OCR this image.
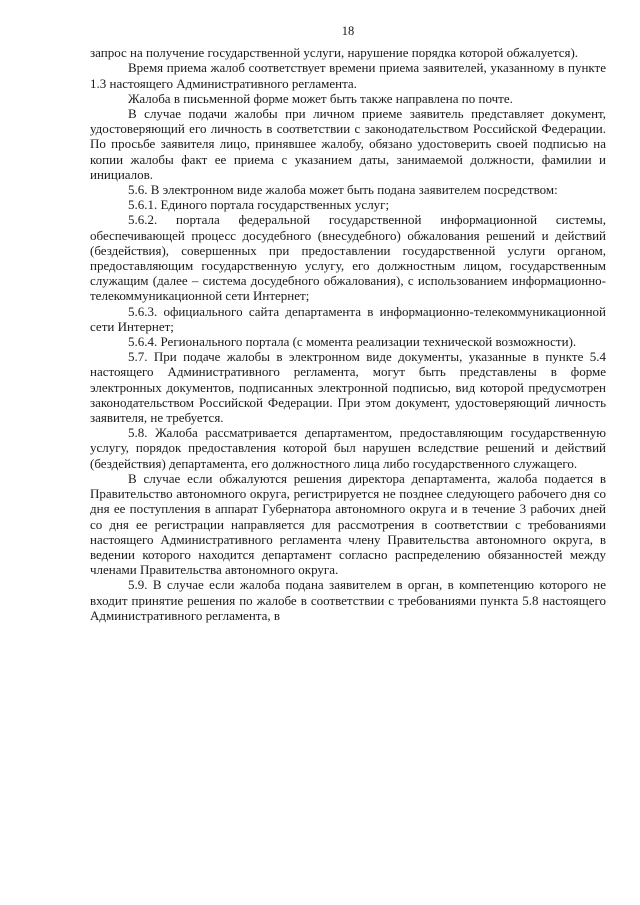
18

запрос на получение государственной услуги, нарушение порядка которой обжалуется).

Время приема жалоб соответствует времени приема заявителей, указанному в пункте 1.3 настоящего Административного регламента.

Жалоба в письменной форме может быть также направлена по почте.

В случае подачи жалобы при личном приеме заявитель представляет документ, удостоверяющий его личность в соответствии с законодательством Российской Федерации. По просьбе заявителя лицо, принявшее жалобу, обязано удостоверить своей подписью на копии жалобы факт ее приема с указанием даты, занимаемой должности, фамилии и инициалов.

5.6. В электронном виде жалоба может быть подана заявителем посредством:

5.6.1. Единого портала государственных услуг;

5.6.2. портала федеральной государственной информационной системы, обеспечивающей процесс досудебного (внесудебного) обжалования решений и действий (бездействия), совершенных при предоставлении государственной услуги органом, предоставляющим государственную услугу, его должностным лицом, государственным служащим (далее – система досудебного обжалования), с использованием информационно-телекоммуникационной сети Интернет;

5.6.3. официального сайта департамента в информационно-телекоммуникационной сети Интернет;

5.6.4. Регионального портала (с момента реализации технической возможности).

5.7. При подаче жалобы в электронном виде документы, указанные в пункте 5.4 настоящего Административного регламента, могут быть представлены в форме электронных документов, подписанных электронной подписью, вид которой предусмотрен законодательством Российской Федерации. При этом документ, удостоверяющий личность заявителя, не требуется.

5.8. Жалоба рассматривается департаментом, предоставляющим государственную услугу, порядок предоставления которой был нарушен вследствие решений и действий (бездействия) департамента, его должностного лица либо государственного служащего.

В случае если обжалуются решения директора департамента, жалоба подается в Правительство автономного округа, регистрируется не позднее следующего рабочего дня со дня ее поступления в аппарат Губернатора автономного округа и в течение 3 рабочих дней со дня ее регистрации направляется для рассмотрения в соответствии с требованиями настоящего Административного регламента члену Правительства автономного округа, в ведении которого находится департамент согласно распределению обязанностей между членами Правительства автономного округа.

5.9. В случае если жалоба подана заявителем в орган, в компетенцию которого не входит принятие решения по жалобе в соответствии с требованиями пункта 5.8 настоящего Административного регламента, в
